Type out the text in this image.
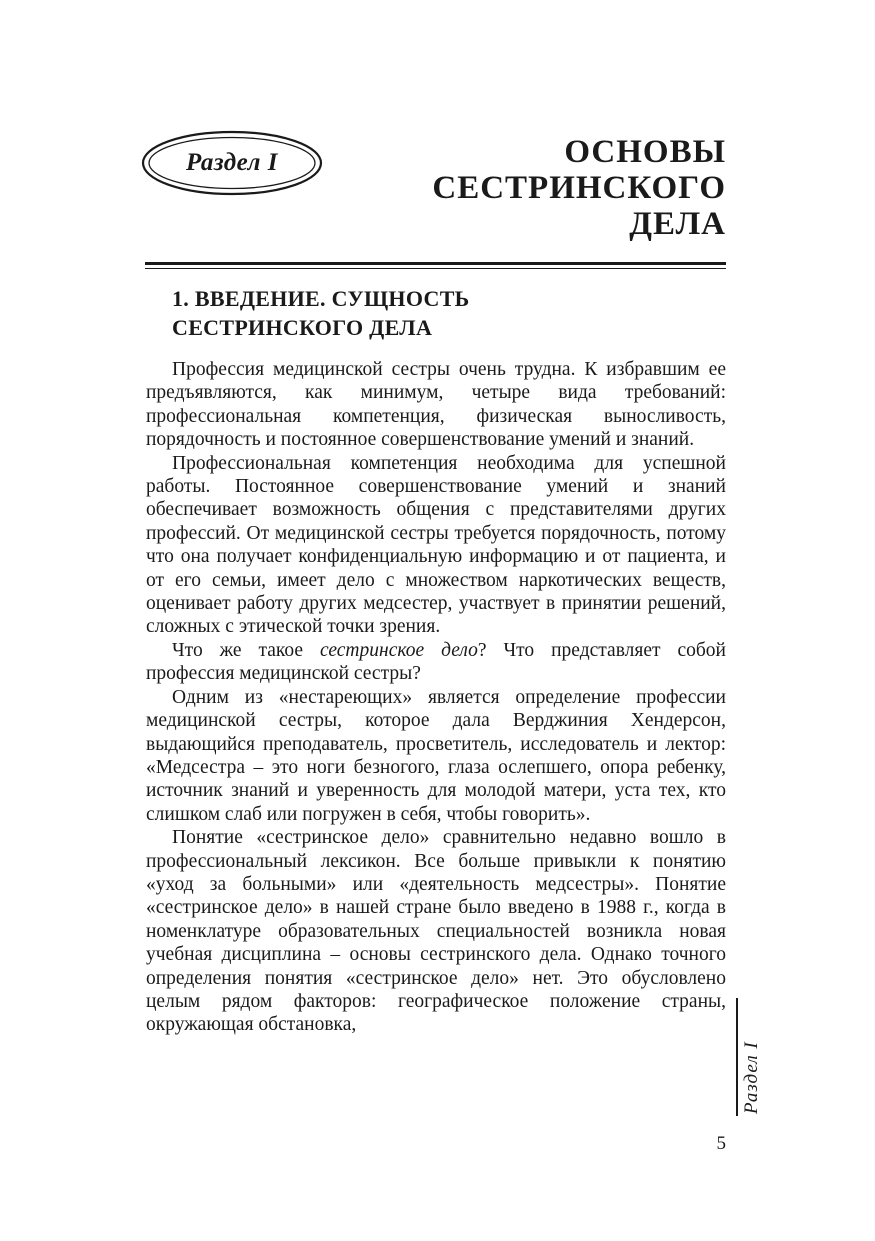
Раздел I	ОСНОВЫ
СЕСТРИНСКОГО
ДЕЛА
1. ВВЕДЕНИЕ. СУЩНОСТЬ
СЕСТРИНСКОГО ДЕЛА

Профессия медицинской сестры очень трудна. К избравшим ее предъявляются, как минимум, четыре вида требований: профессиональная компетенция, физическая выносливость, порядочность и постоянное совершенствование умений и знаний.

Профессиональная компетенция необходима для успешной работы. Постоянное совершенствование умений и знаний обеспечивает возможность общения с представителями других профессий. От медицинской сестры требуется порядочность, потому что она получает конфиденциальную информацию и от пациента, и от его семьи, имеет дело с множеством наркотических веществ, оценивает работу других медсестер, участвует в принятии решений, сложных с этической точки зрения.

Что же такое сестринское дело? Что представляет собой профессия медицинской сестры?

Одним из «нестареющих» является определение профессии медицинской сестры, которое дала Верджиния Хендерсон, выдающийся преподаватель, просветитель, исследователь и лектор: «Медсестра – это ноги безногого, глаза ослепшего, опора ребенку, источник знаний и уверенность для молодой матери, уста тех, кто слишком слаб или погружен в себя, чтобы говорить».

Понятие «сестринское дело» сравнительно недавно вошло в профессиональный лексикон. Все больше привыкли к понятию «уход за больными» или «деятельность медсестры». Понятие «сестринское дело» в нашей стране было введено в 1988 г., когда в номенклатуре образовательных специальностей возникла новая учебная дисциплина – основы сестринского дела. Однако точного определения понятия «сестринское дело» нет. Это обусловлено целым рядом факторов: географическое положение страны, окружающая обстановка,

Раздел I
5
